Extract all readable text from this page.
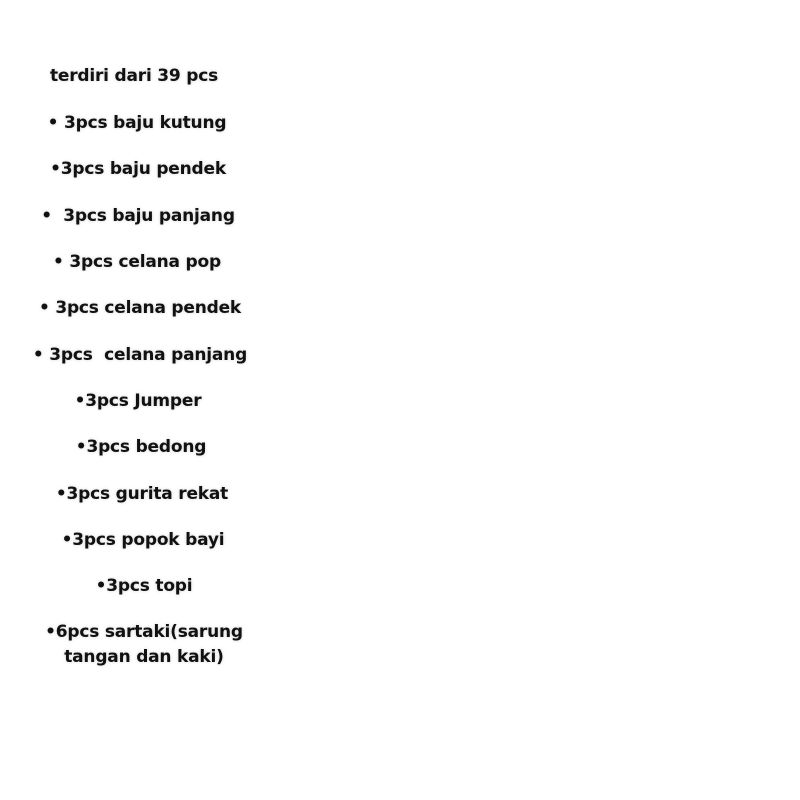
terdiri dari 39 pcs
• 3pcs baju kutung
•3pcs baju pendek
•  3pcs baju panjang
• 3pcs celana pop
• 3pcs celana pendek
• 3pcs  celana panjang
•3pcs Jumper
•3pcs bedong
•3pcs gurita rekat
•3pcs popok bayi
•3pcs topi
•6pcs sartaki(sarung
tangan dan kaki)
